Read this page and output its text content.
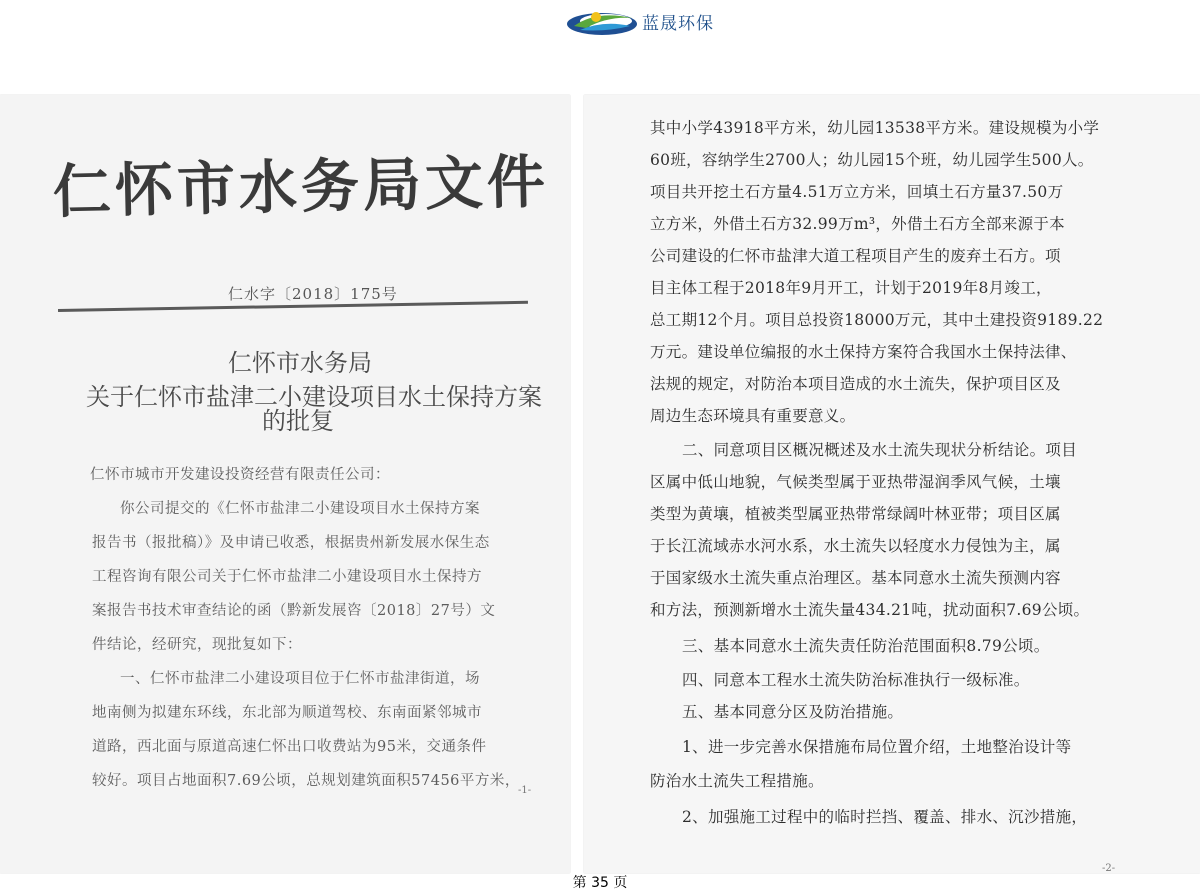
蓝晟环保
仁怀市水务局文件
仁水字〔2018〕175号
仁怀市水务局
关于仁怀市盐津二小建设项目水土保持方案
的批复
仁怀市城市开发建设投资经营有限责任公司：
你公司提交的《仁怀市盐津二小建设项目水土保持方案
报告书（报批稿）》及申请已收悉，根据贵州新发展水保生态
工程咨询有限公司关于仁怀市盐津二小建设项目水土保持方
案报告书技术审查结论的函（黔新发展咨〔2018〕27号）文
件结论，经研究，现批复如下：
一、仁怀市盐津二小建设项目位于仁怀市盐津街道，场
地南侧为拟建东环线，东北部为顺道驾校、东南面紧邻城市
道路，西北面与原道高速仁怀出口收费站为95米，交通条件
较好。项目占地面积7.69公顷，总规划建筑面积57456平方米，
-1-
其中小学43918平方米，幼儿园13538平方米。建设规模为小学
60班，容纳学生2700人；幼儿园15个班，幼儿园学生500人。
项目共开挖土石方量4.51万立方米，回填土石方量37.50万
立方米，外借土石方32.99万m³，外借土石方全部来源于本
公司建设的仁怀市盐津大道工程项目产生的废弃土石方。项
目主体工程于2018年9月开工，计划于2019年8月竣工，
总工期12个月。项目总投资18000万元，其中土建投资9189.22
万元。建设单位编报的水土保持方案符合我国水土保持法律、
法规的规定，对防治本项目造成的水土流失，保护项目区及
周边生态环境具有重要意义。
二、同意项目区概况概述及水土流失现状分析结论。项目
区属中低山地貌，气候类型属于亚热带湿润季风气候，土壤
类型为黄壤，植被类型属亚热带常绿阔叶林亚带；项目区属
于长江流域赤水河水系，水土流失以轻度水力侵蚀为主，属
于国家级水土流失重点治理区。基本同意水土流失预测内容
和方法，预测新增水土流失量434.21吨，扰动面积7.69公顷。
三、基本同意水土流失责任防治范围面积8.79公顷。
四、同意本工程水土流失防治标准执行一级标准。
五、基本同意分区及防治措施。
1、进一步完善水保措施布局位置介绍，土地整治设计等
防治水土流失工程措施。
2、加强施工过程中的临时拦挡、覆盖、排水、沉沙措施，
-2-
第 35 页
